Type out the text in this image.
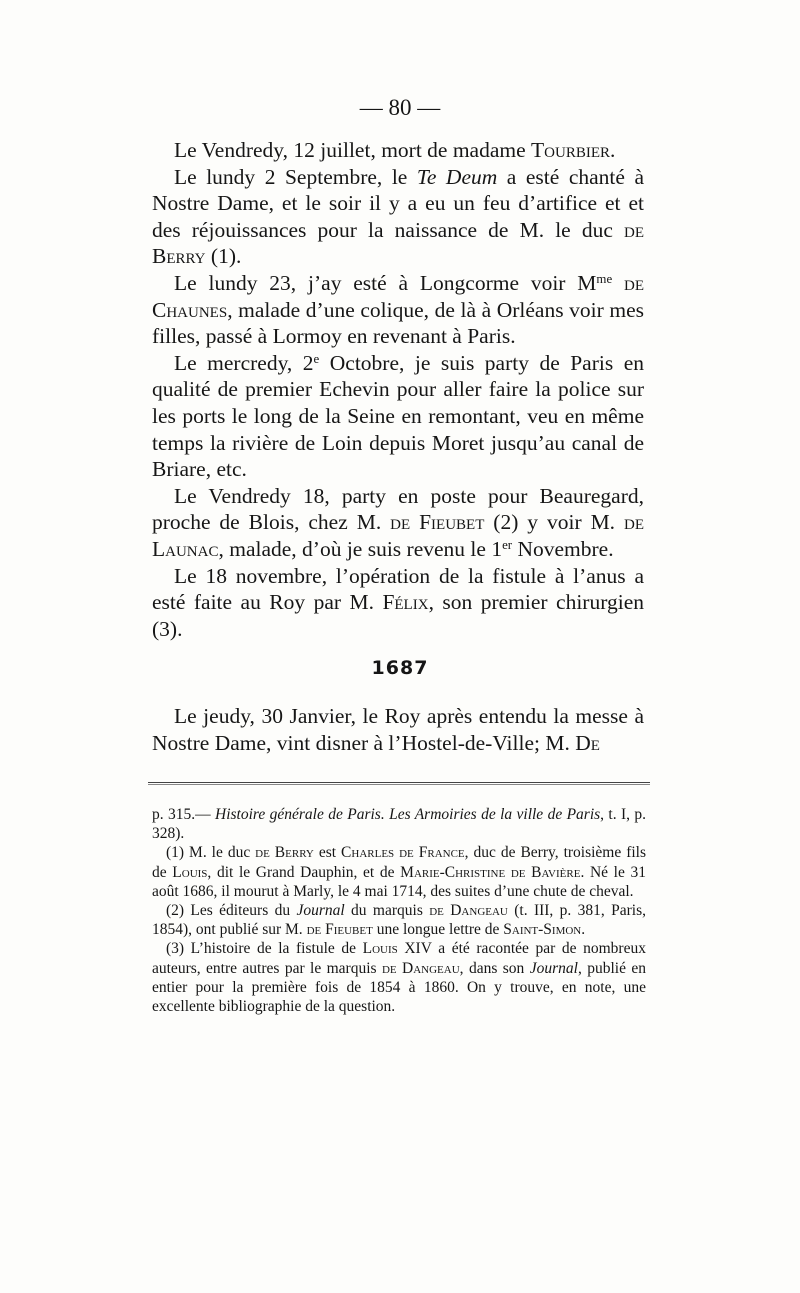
— 80 —

Le Vendredy, 12 juillet, mort de madame Tourbier.

Le lundy 2 Septembre, le Te Deum a esté chanté à Nostre Dame, et le soir il y a eu un feu d’artifice et et des réjouissances pour la naissance de M. le duc de Berry (1).

Le lundy 23, j’ay esté à Longcorme voir $M^{me}$ de Chaunes, malade d’une colique, de là à Orléans voir mes filles, passé à Lormoy en revenant à Paris.

Le mercredy, 2e Octobre, je suis party de Paris en qualité de premier Echevin pour aller faire la police sur les ports le long de la Seine en remontant, veu en même temps la rivière de Loin depuis Moret jusqu’au canal de Briare, etc.

Le Vendredy 18, party en poste pour Beauregard, proche de Blois, chez M. de Fieubet (2) y voir M. de Launac, malade, d’où je suis revenu le 1er Novembre.

Le 18 novembre, l’opération de la fistule à l’anus a esté faite au Roy par M. Félix, son premier chirurgien (3).

1687

Le jeudy, 30 Janvier, le Roy après entendu la messe à Nostre Dame, vint disner à l’Hostel-de-Ville; M. De

p. 315.— Histoire générale de Paris. Les Armoiries de la ville de Paris, t. I, p. 328).

(1) M. le duc de Berry est Charles de France, duc de Berry, troisième fils de Louis, dit le Grand Dauphin, et de Marie-Christine de Bavière. Né le 31 août 1686, il mourut à Marly, le 4 mai 1714, des suites d’une chute de cheval.

(2) Les éditeurs du Journal du marquis de Dangeau (t. III, p. 381, Paris, 1854), ont publié sur M. de Fieubet une longue lettre de Saint-Simon.

(3) L’histoire de la fistule de Louis XIV a été racontée par de nombreux auteurs, entre autres par le marquis de Dangeau, dans son Journal, publié en entier pour la première fois de 1854 à 1860. On y trouve, en note, une excellente bibliographie de la question.
